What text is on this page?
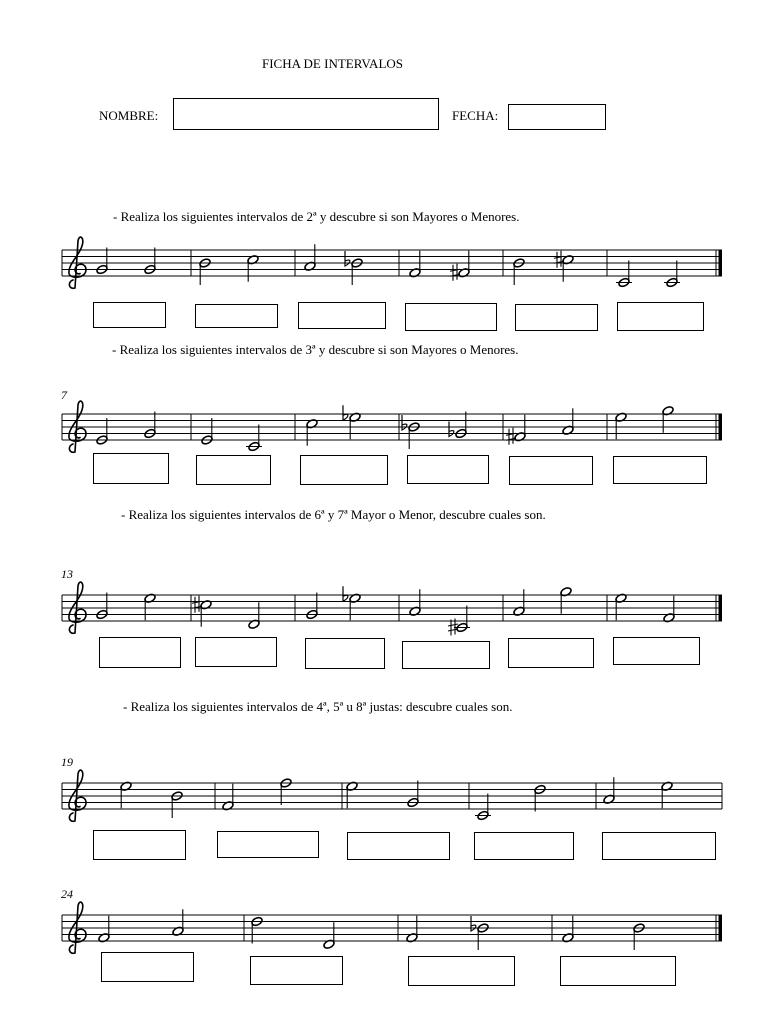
FICHA DE INTERVALOS
NOMBRE:	FECHA:
- Realiza los siguientes intervalos de 2ª y descubre si son Mayores o Menores.
- Realiza los siguientes intervalos de 3ª y descubre si son Mayores o Menores.
- Realiza los siguientes intervalos de 6ª y 7ª Mayor o Menor, descubre cuales son.
- Realiza los siguientes intervalos de 4ª, 5ª u 8ª justas: descubre cuales son.
7
13
19
24
